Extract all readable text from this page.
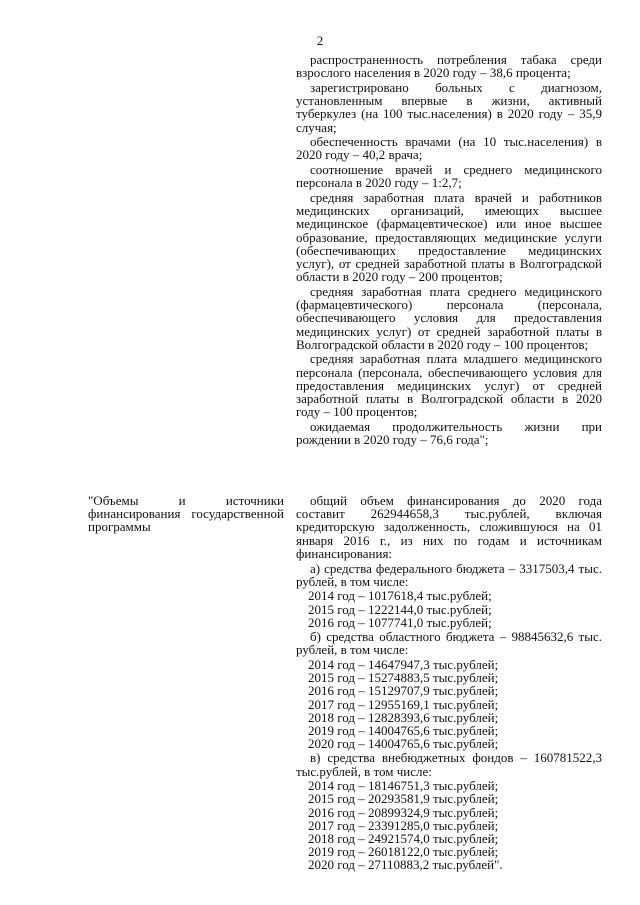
2

распространенность потребления табака среди взрослого населения в 2020 году – 38,6 процента;

зарегистрировано больных с диагнозом, установленным впервые в жизни, активный туберкулез (на 100 тыс.населения) в 2020 году – 35,9 случая;

обеспеченность врачами (на 10 тыс.населения) в 2020 году – 40,2 врача;

соотношение врачей и среднего медицинского персонала в 2020 году – 1:2,7;

средняя заработная плата врачей и работников медицинских организаций, имеющих высшее медицинское (фармацевтическое) или иное высшее образование, предоставляющих медицинские услуги (обеспечивающих предоставление медицинских услуг), от средней заработной платы в Волгоградской области в 2020 году – 200 процентов;

средняя заработная плата среднего медицинского (фармацевтического) персонала (персонала, обеспечивающего условия для предоставления медицинских услуг) от средней заработной платы в Волгоградской области в 2020 году – 100 процентов;

средняя заработная плата младшего медицинского персонала (персонала, обеспечивающего условия для предоставления медицинских услуг) от средней заработной платы в Волгоградской области в 2020 году – 100 процентов;

ожидаемая продолжительность жизни при рождении в 2020 году – 76,6 года";

"Объемы и источники финансирования государственной программы

общий объем финансирования до 2020 года составит 262944658,3 тыс.рублей, включая кредиторскую задолженность, сложившуюся на 01 января 2016 г., из них по годам и источникам финансирования:

а) средства федерального бюджета – 3317503,4 тыс. рублей, в том числе:

2014 год – 1017618,4 тыс.рублей;
2015 год – 1222144,0 тыс.рублей;
2016 год – 1077741,0 тыс.рублей;

б) средства областного бюджета – 98845632,6 тыс. рублей, в том числе:

2014 год – 14647947,3 тыс.рублей;
2015 год – 15274883,5 тыс.рублей;
2016 год – 15129707,9 тыс.рублей;
2017 год – 12955169,1 тыс.рублей;
2018 год – 12828393,6 тыс.рублей;
2019 год – 14004765,6 тыс.рублей;
2020 год – 14004765,6 тыс.рублей;

в) средства внебюджетных фондов – 160781522,3 тыс.рублей, в том числе:

2014 год – 18146751,3 тыс.рублей;
2015 год – 20293581,9 тыс.рублей;
2016 год – 20899324,9 тыс.рублей;
2017 год – 23391285,0 тыс.рублей;
2018 год – 24921574,0 тыс.рублей;
2019 год – 26018122,0 тыс.рублей;
2020 год – 27110883,2 тыс.рублей".
